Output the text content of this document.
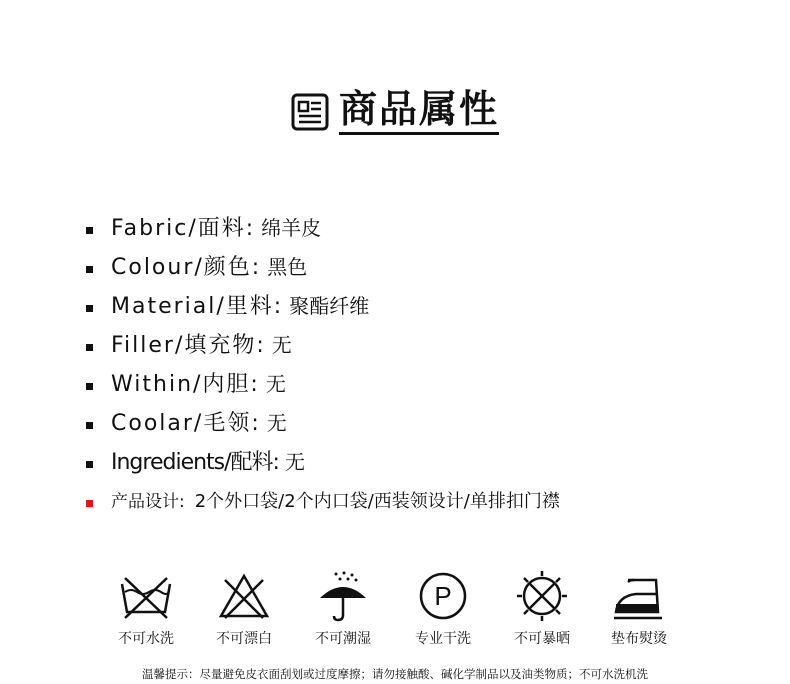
商品属性
Fabric/面料: 绵羊皮
Colour/颜色: 黑色
Material/里料: 聚酯纤维
Filler/填充物: 无
Within/内胆: 无
Coolar/毛领: 无
Ingredients/配料: 无
产品设计: 2个外口袋/2个内口袋/西装领设计/单排扣门襟
不可水洗	不可漂白	不可潮湿
P
专业干洗	不可暴晒	垫布熨烫
温馨提示：尽量避免皮衣面刮划或过度摩擦；请勿接触酸、碱化学制品以及油类物质；不可水洗机洗
